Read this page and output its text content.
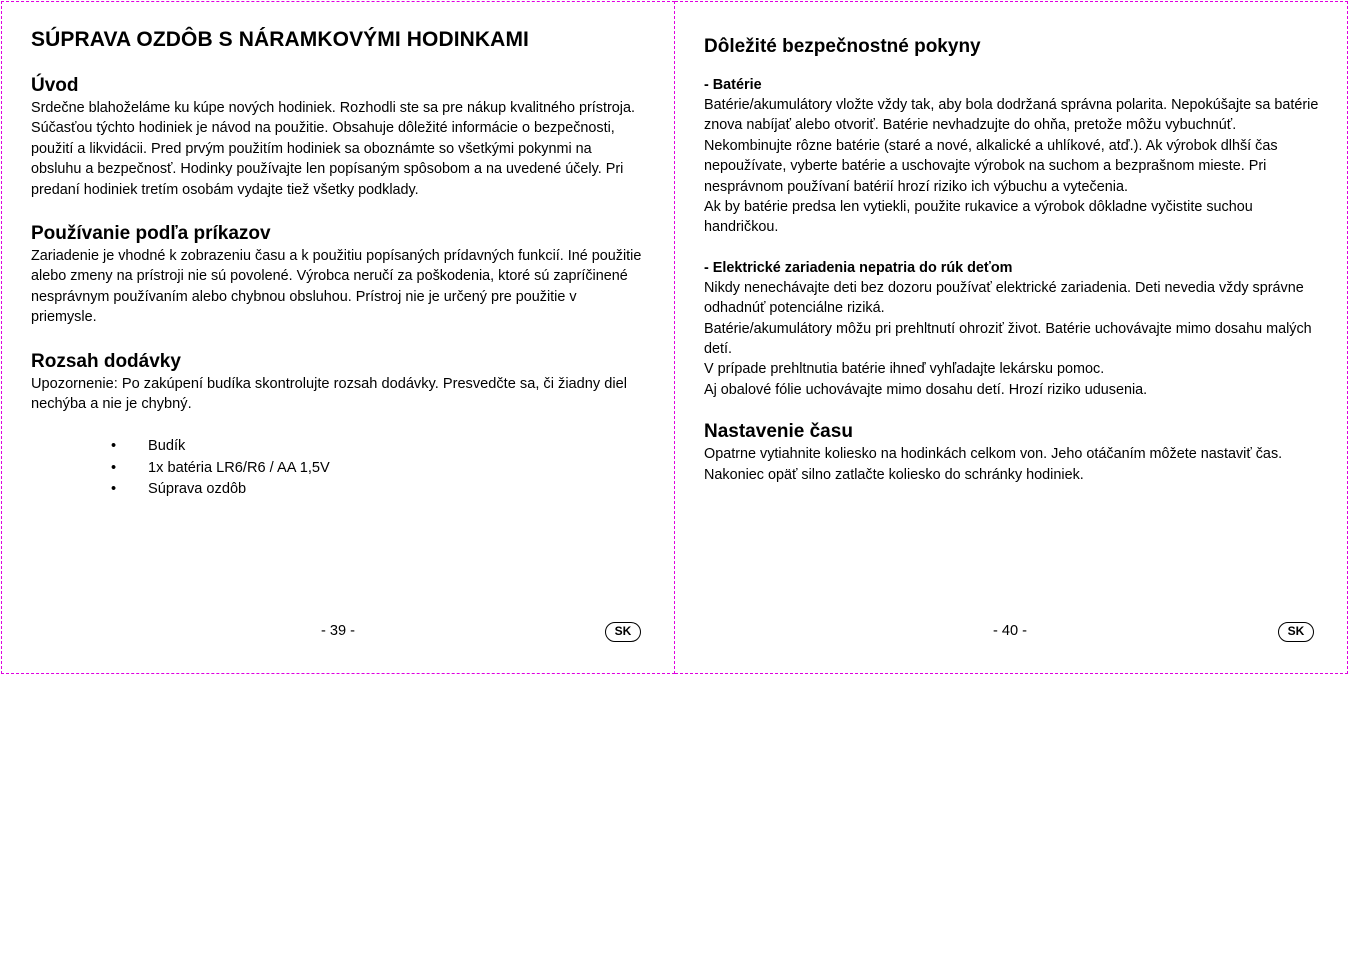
SÚPRAVA OZDÔB S NÁRAMKOVÝMI HODINKAMI
Úvod

Srdečne blahoželáme ku kúpe nových hodiniek. Rozhodli ste sa pre nákup kvalitného prístroja. Súčasťou týchto hodiniek je návod na použitie. Obsahuje dôležité informácie o bezpečnosti, použití a likvidácii. Pred prvým použitím hodiniek sa oboznámte so všetkými pokynmi na obsluhu a bezpečnosť. Hodinky používajte len popísaným spôsobom a na uvedené účely. Pri predaní hodiniek tretím osobám vydajte tiež všetky podklady.

Používanie podľa príkazov

Zariadenie je vhodné k zobrazeniu času a k použitiu popísaných prídavných funkcií. Iné použitie alebo zmeny na prístroji nie sú povolené. Výrobca neručí za poškodenia, ktoré sú zapríčinené nesprávnym používaním alebo chybnou obsluhou. Prístroj nie je určený pre použitie v priemysle.

Rozsah dodávky

Upozornenie: Po zakúpení budíka skontrolujte rozsah dodávky. Presvedčte sa, či žiadny diel nechýba a nie je chybný.

• Budík
• 1x batéria LR6/R6 / AA 1,5V
• Súprava ozdôb
- 39 -	SK
Dôležité bezpečnostné pokyny
- Batérie

Batérie/akumulátory vložte vždy tak, aby bola dodržaná správna polarita. Nepokúšajte sa batérie znova nabíjať alebo otvoriť. Batérie nevhadzujte do ohňa, pretože môžu vybuchnúť. Nekombinujte rôzne batérie (staré a nové, alkalické a uhlíkové, atď.). Ak výrobok dlhší čas nepoužívate, vyberte batérie a uschovajte výrobok na suchom a bezprašnom mieste. Pri nesprávnom používaní batérií hrozí riziko ich výbuchu a vytečenia.

Ak by batérie predsa len vytiekli, použite rukavice a výrobok dôkladne vyčistite suchou handričkou.

- Elektrické zariadenia nepatria do rúk deťom

Nikdy nenechávajte deti bez dozoru používať elektrické zariadenia. Deti nevedia vždy správne odhadnúť potenciálne riziká.

Batérie/akumulátory môžu pri prehltnutí ohroziť život. Batérie uchovávajte mimo dosahu malých detí.

V prípade prehltnutia batérie ihneď vyhľadajte lekársku pomoc.

Aj obalové fólie uchovávajte mimo dosahu detí. Hrozí riziko udusenia.

Nastavenie času

Opatrne vytiahnite koliesko na hodinkách celkom von. Jeho otáčaním môžete nastaviť čas. Nakoniec opäť silno zatlačte koliesko do schránky hodiniek.

- 40 -	SK
